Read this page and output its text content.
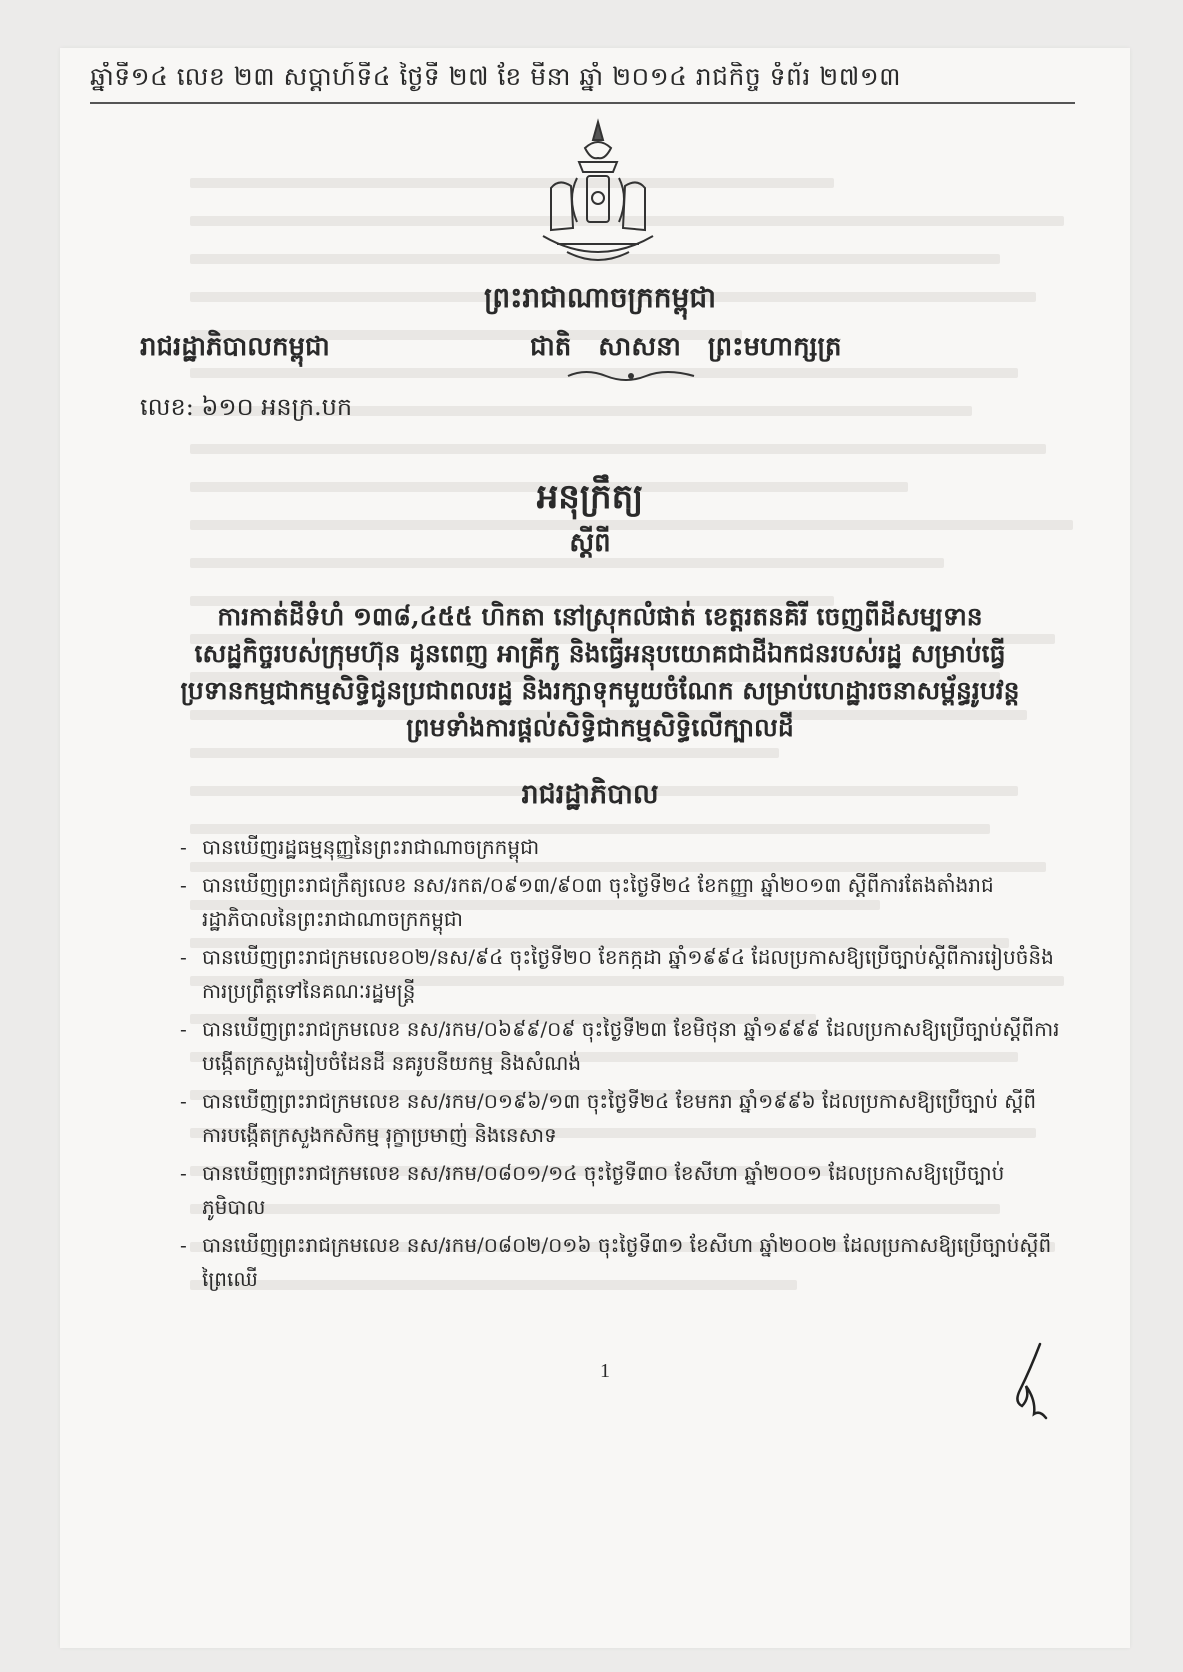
ឆ្នាំទី១៤ លេខ ២៣ សប្តាហ៍ទី៤ ថ្ងៃទី ២៧ ខែ មីនា ឆ្នាំ ២០១៤ រាជកិច្ច ទំព័រ ២៧១៣
ព្រះរាជាណាចក្រកម្ពុជា
រាជរដ្ឋាភិបាលកម្ពុជា	ជាតិ សាសនា ព្រះមហាក្សត្រ
លេខ: ៦១០ អនក្រ.បក
អនុក្រឹត្យ
ស្តីពី
ការកាត់ដីទំហំ ១៣៨,៤៥៥ ហិកតា នៅស្រុកលំផាត់ ខេត្តរតនគិរី ចេញពីដីសម្បទានសេដ្ឋកិច្ចរបស់ក្រុមហ៊ុន ដូនពេញ អាគ្រីកូ និងធ្វើអនុបយោគជាដីឯកជនរបស់រដ្ឋ សម្រាប់ធ្វើប្រទានកម្មជាកម្មសិទ្ធិជូនប្រជាពលរដ្ឋ និងរក្សាទុកមួយចំណែក សម្រាប់ហេដ្ឋារចនាសម្ព័ន្ធរូបវន្ត ព្រមទាំងការផ្តល់សិទ្ធិជាកម្មសិទ្ធិលើក្បាលដី
រាជរដ្ឋាភិបាល
- បានឃើញរដ្ឋធម្មនុញ្ញនៃព្រះរាជាណាចក្រកម្ពុជា
- បានឃើញព្រះរាជក្រឹត្យលេខ នស/រកត/០៩១៣/៩០៣ ចុះថ្ងៃទី២៤ ខែកញ្ញា ឆ្នាំ២០១៣ ស្តីពីការតែងតាំងរាជរដ្ឋាភិបាលនៃព្រះរាជាណាចក្រកម្ពុជា
- បានឃើញព្រះរាជក្រមលេខ០២/នស/៩៤ ចុះថ្ងៃទី២០ ខែកក្កដា ឆ្នាំ១៩៩៤ ដែលប្រកាសឱ្យប្រើច្បាប់ស្តីពីការរៀបចំនិងការប្រព្រឹត្តទៅនៃគណៈរដ្ឋមន្ត្រី
- បានឃើញព្រះរាជក្រមលេខ នស/រកម/០៦៩៩/០៩ ចុះថ្ងៃទី២៣ ខែមិថុនា ឆ្នាំ១៩៩៩ ដែលប្រកាសឱ្យប្រើច្បាប់ស្តីពីការបង្កើតក្រសួងរៀបចំដែនដី នគរូបនីយកម្ម និងសំណង់
- បានឃើញព្រះរាជក្រមលេខ នស/រកម/០១៩៦/១៣ ចុះថ្ងៃទី២៤ ខែមករា ឆ្នាំ១៩៩៦ ដែលប្រកាសឱ្យប្រើច្បាប់ ស្តីពីការបង្កើតក្រសួងកសិកម្ម រុក្ខាប្រមាញ់ និងនេសាទ
- បានឃើញព្រះរាជក្រមលេខ នស/រកម/០៨០១/១៤ ចុះថ្ងៃទី៣០ ខែសីហា ឆ្នាំ២០០១ ដែលប្រកាសឱ្យប្រើច្បាប់ភូមិបាល
- បានឃើញព្រះរាជក្រមលេខ នស/រកម/០៨០២/០១៦ ចុះថ្ងៃទី៣១ ខែសីហា ឆ្នាំ២០០២ ដែលប្រកាសឱ្យប្រើច្បាប់ស្តីពីព្រៃឈើ
1
